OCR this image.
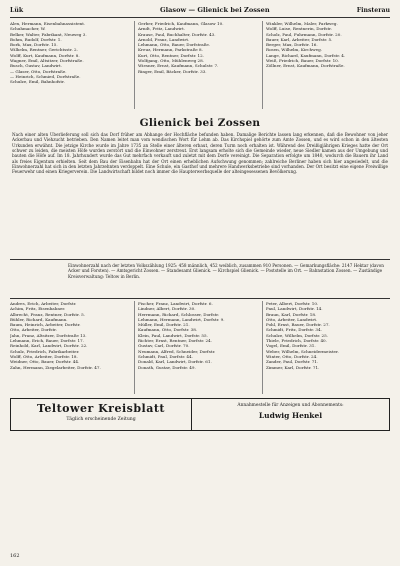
Lük	Glasow — Glienick bei Zossen	Finsterau

Alex, Hermann, Eisenbahnassistent.

Schuhmacher, W.

Belker, Walter, Fabrikant, Neuweg 3.

Bohm, Rudolf, Dorfstr. 1.

Bork, Max, Dorfstr. 15.

Wilhelm, Rentner, Gerichtsstr. 2.

Wolff, Kurt, Kaufmann, Dorfstr. 8.

Wagner, Emil, Altsitzer, Dorfstraße.

Busch, Gustav, Landwirt.

— Glaser, Otto, Dorfstraße.

— Heinrich, Schmied, Dorfstraße.

Schulze, Emil, Bahnhofstr.

Gerber, Friedrich, Kaufmann, Glasow 10.

Arndt, Fritz, Landwirt.

Krause, Paul, Buchhalter, Dorfstr. 43.

Arnold, Franz, Landwirt.

Lehmann, Otto, Bauer, Dorfstraße.

Kreuz, Hermann, Parkstraße 8.

Kurt, Otto, Rentner, Dorfstr. 12.

Wolfgang, Otto, Mühlenweg 28.

Wiesner, Ernst, Kaufmann, Schulstr. 7.

Ringer, Emil, Bäcker, Dorfstr. 33.

Winkler, Wilhelm, Maler, Parkweg.

Wolff, Luise, Rentnerin, Dorfstr.

Scholz, Paul, Fuhrmann, Dorfstr. 20.

Bauer, Karl, Arbeiter, Dorfstr. 5.

Berger, Max, Dorfstr. 16.

Rosen, Wilhelm, Kirchweg.

Lange, Richard, Kaufmann, Dorfstr. 4.

Weiß, Friedrich, Bauer, Dorfstr. 10.

Zöllner, Ernst, Kaufmann, Dorfstraße.

Glienick bei Zossen
Nach einer alten Überlieferung soll sich das Dorf früher am Abhange der Hochfläche befunden haben. Damalige Berichte lassen lang erkennen, daß die Bewohner von jeher Ackerbau und Viehzucht betrieben. Den Namen leitet man vom wendischen Wort für Lehm ab. Das Kirchspiel gehörte zum Amte Zossen, und es wird schon in den ältesten Urkunden erwähnt. Die jetzige Kirche wurde im Jahre 1735 an Stelle einer älteren erbaut, deren Turm noch erhalten ist. Während des Dreißigjährigen Krieges hatte der Ort schwer zu leiden, die meisten Höfe wurden zerstört und die Einwohner zerstreut. Erst langsam erholte sich die Gemeinde wieder, neue Siedler kamen aus der Umgebung und bauten die Höfe auf. Im 18. Jahrhundert wurde das Gut mehrfach verkauft und zuletzt mit dem Dorfe vereinigt. Die Separation erfolgte um 1840, wodurch die Bauern ihr Land als freies Eigentum erhielten. Seit dem Bau der Eisenbahn hat der Ort einen erheblichen Aufschwung genommen; zahlreiche Berliner haben sich hier angesiedelt, und die Einwohnerzahl hat sich in den letzten Jahrzehnten verdoppelt. Eine Schule, ein Gasthof und mehrere Handwerksbetriebe sind vorhanden. Der Ort besitzt eine eigene Freiwillige Feuerwehr und einen Kriegerverein. Die Landwirtschaft bildet noch immer die Haupterwerbsquelle der alteingesessenen Bevölkerung.
Einwohnerzahl nach der letzten Volkszählung 1925: 458 männlich, 452 weiblich, zusammen 910 Personen. — Gemarkungsfläche: 2147 Hektar (davon Acker und Forsten). — Amtsgericht Zossen. — Standesamt Glienick. — Kirchspiel Glienick. — Poststelle im Ort. — Bahnstation Zossen. — Zuständige Kreisverwaltung: Teltow in Berlin.

Andres, Erich, Arbeiter, Dorfstr.

Achim, Fritz, Eisenbahner.

Albrecht, Franz, Rentner, Dorfstr. 5.

Bühler, Richard, Kaufmann.

Baum, Heinrich, Arbeiter, Dorfstr.

Otto, Arbeiter, Dorfstr.

Jahn, Franz, Altsitzer, Dorfstraße 13.

Lehmann, Erich, Bauer, Dorfstr. 17.

Reinhold, Karl, Landwirt, Dorfstr. 22.

Schulz, Friedrich, Fabrikarbeiter.

Wolff, Otto, Arbeiter, Dorfstr. 18.

Weidner, Otto, Bauer, Dorfstr. 44.

Zahn, Hermann, Ziegelarbeiter, Dorfstr. 47.

Fischer, Franz, Landwirt, Dorfstr. 6.

Lindner, Albert, Dorfstr. 30.

Herrmann, Richard, Schlosser, Dorfstr.

Lehmann, Hermann, Landwirt, Dorfstr. 9.

Müller, Emil, Dorfstr. 21.

Kaufmann, Otto, Dorfstr. 38.

Klein, Paul, Landwirt, Dorfstr. 55.

Richter, Ernst, Rentner, Dorfstr. 24.

Gustav, Carl, Dorfstr. 70.

Neumann, Alfred, Schneider, Dorfstr.

Schmidt, Paul, Dorfstr. 44.

Donald, Karl, Landwirt, Dorfstr. 61.

Donath, Gustav, Dorfstr. 49.

Peter, Albert, Dorfstr. 10.

Paul, Landwirt, Dorfstr. 14.

Braun, Karl, Dorfstr. 18.

Otto, Arbeiter, Landwirt.

Pohl, Ernst, Bauer, Dorfstr. 27.

Schmidt, Fritz, Dorfstr. 34.

Schulze, Wilhelm, Dorfstr. 25.

Thiele, Friedrich, Dorfstr. 40.

Vogel, Emil, Dorfstr. 31.

Weber, Wilhelm, Schneidermeister.

Winter, Otto, Dorfstr. 24.

Zander, Paul, Dorfstr. 71.

Zimmer, Karl, Dorfstr. 71.

Teltower Kreisblatt
Täglich erscheinende Zeitung
Annahmestelle für Anzeigen und Abonnements:
Ludwig Henkel
162
